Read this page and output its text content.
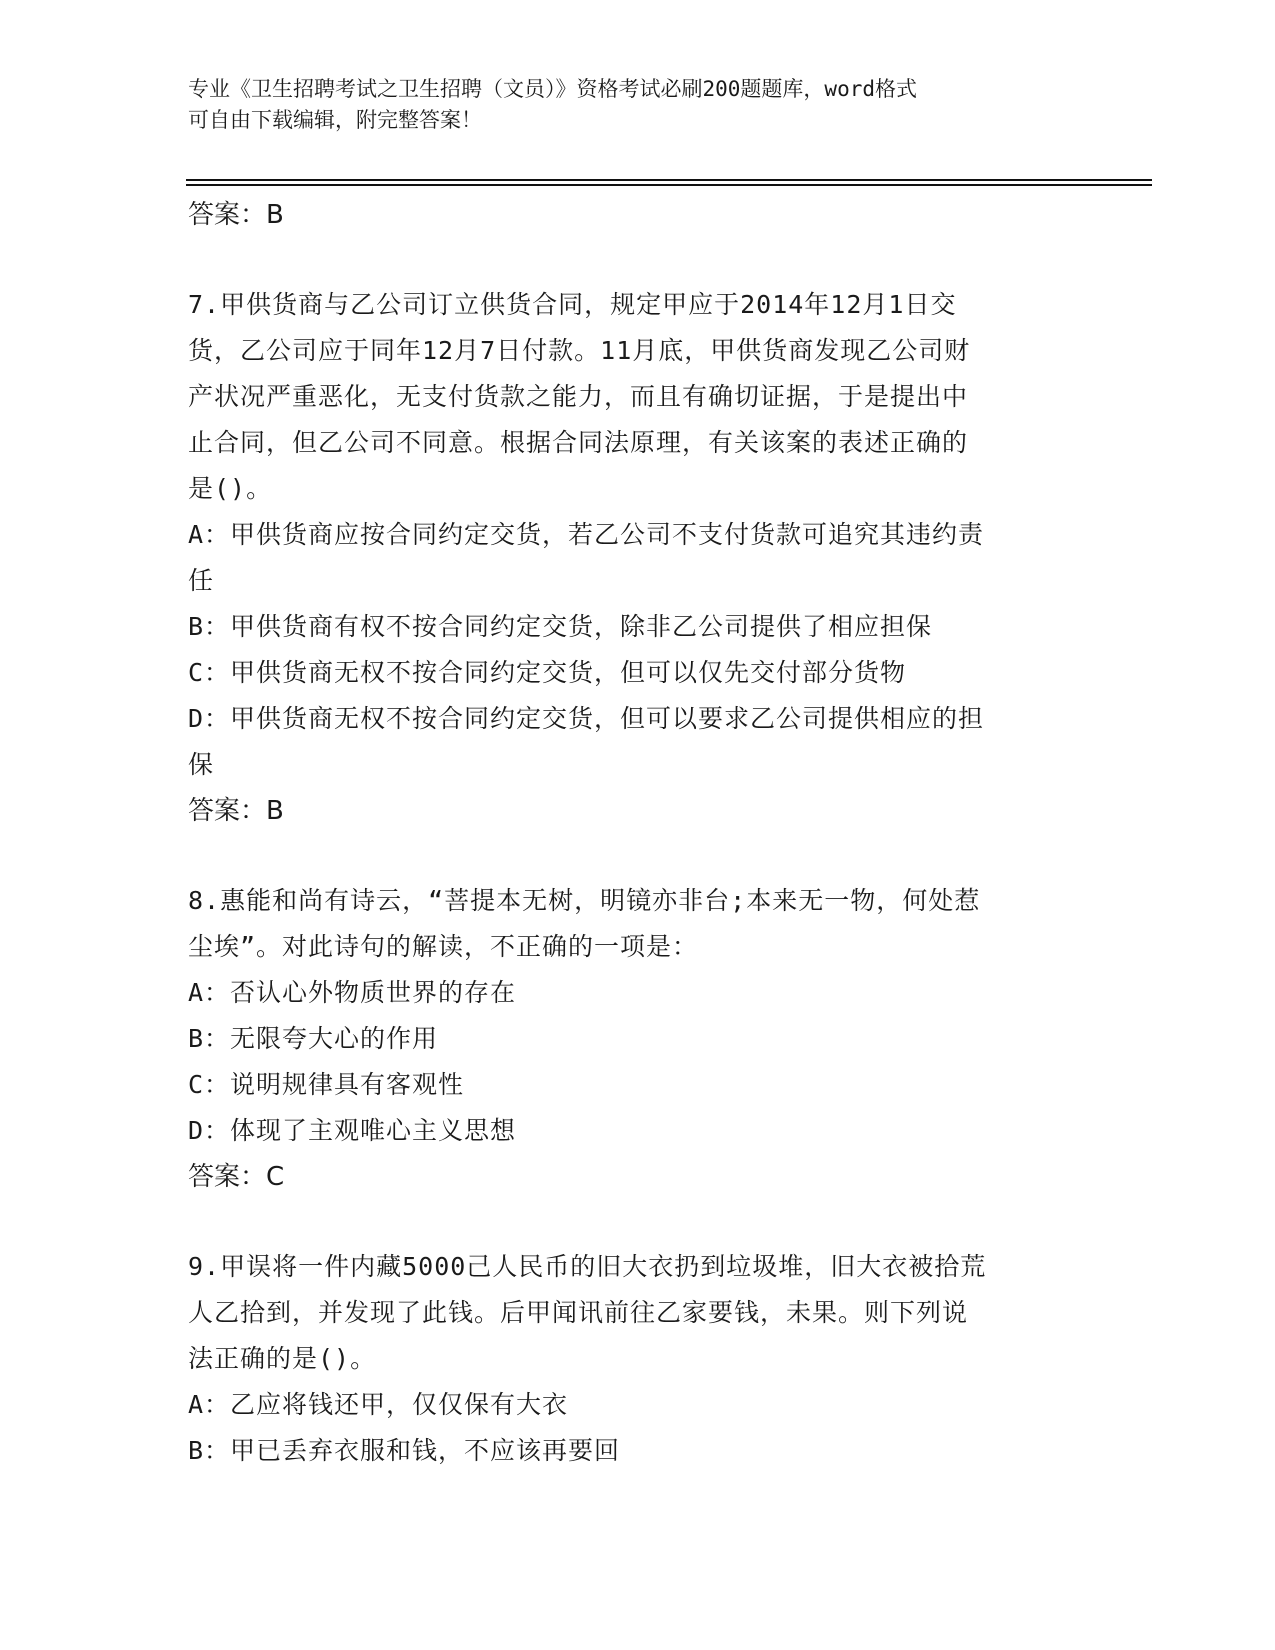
专业《卫生招聘考试之卫生招聘（文员）》资格考试必刷200题题库，word格式
可自由下载编辑，附完整答案！
答案：B
7.甲供货商与乙公司订立供货合同，规定甲应于2014年12月1日交
货，乙公司应于同年12月7日付款。11月底，甲供货商发现乙公司财
产状况严重恶化，无支付货款之能力，而且有确切证据，于是提出中
止合同，但乙公司不同意。根据合同法原理，有关该案的表述正确的
是()。
A：甲供货商应按合同约定交货，若乙公司不支付货款可追究其违约责
任
B：甲供货商有权不按合同约定交货，除非乙公司提供了相应担保
C：甲供货商无权不按合同约定交货，但可以仅先交付部分货物
D：甲供货商无权不按合同约定交货，但可以要求乙公司提供相应的担
保
答案：B
8.惠能和尚有诗云，“菩提本无树，明镜亦非台;本来无一物，何处惹
尘埃”。对此诗句的解读，不正确的一项是：
A：否认心外物质世界的存在
B：无限夸大心的作用
C：说明规律具有客观性
D：体现了主观唯心主义思想
答案：C
9.甲误将一件内藏5000己人民币的旧大衣扔到垃圾堆，旧大衣被拾荒
人乙拾到，并发现了此钱。后甲闻讯前往乙家要钱，未果。则下列说
法正确的是()。
A：乙应将钱还甲，仅仅保有大衣
B：甲已丢弃衣服和钱，不应该再要回
